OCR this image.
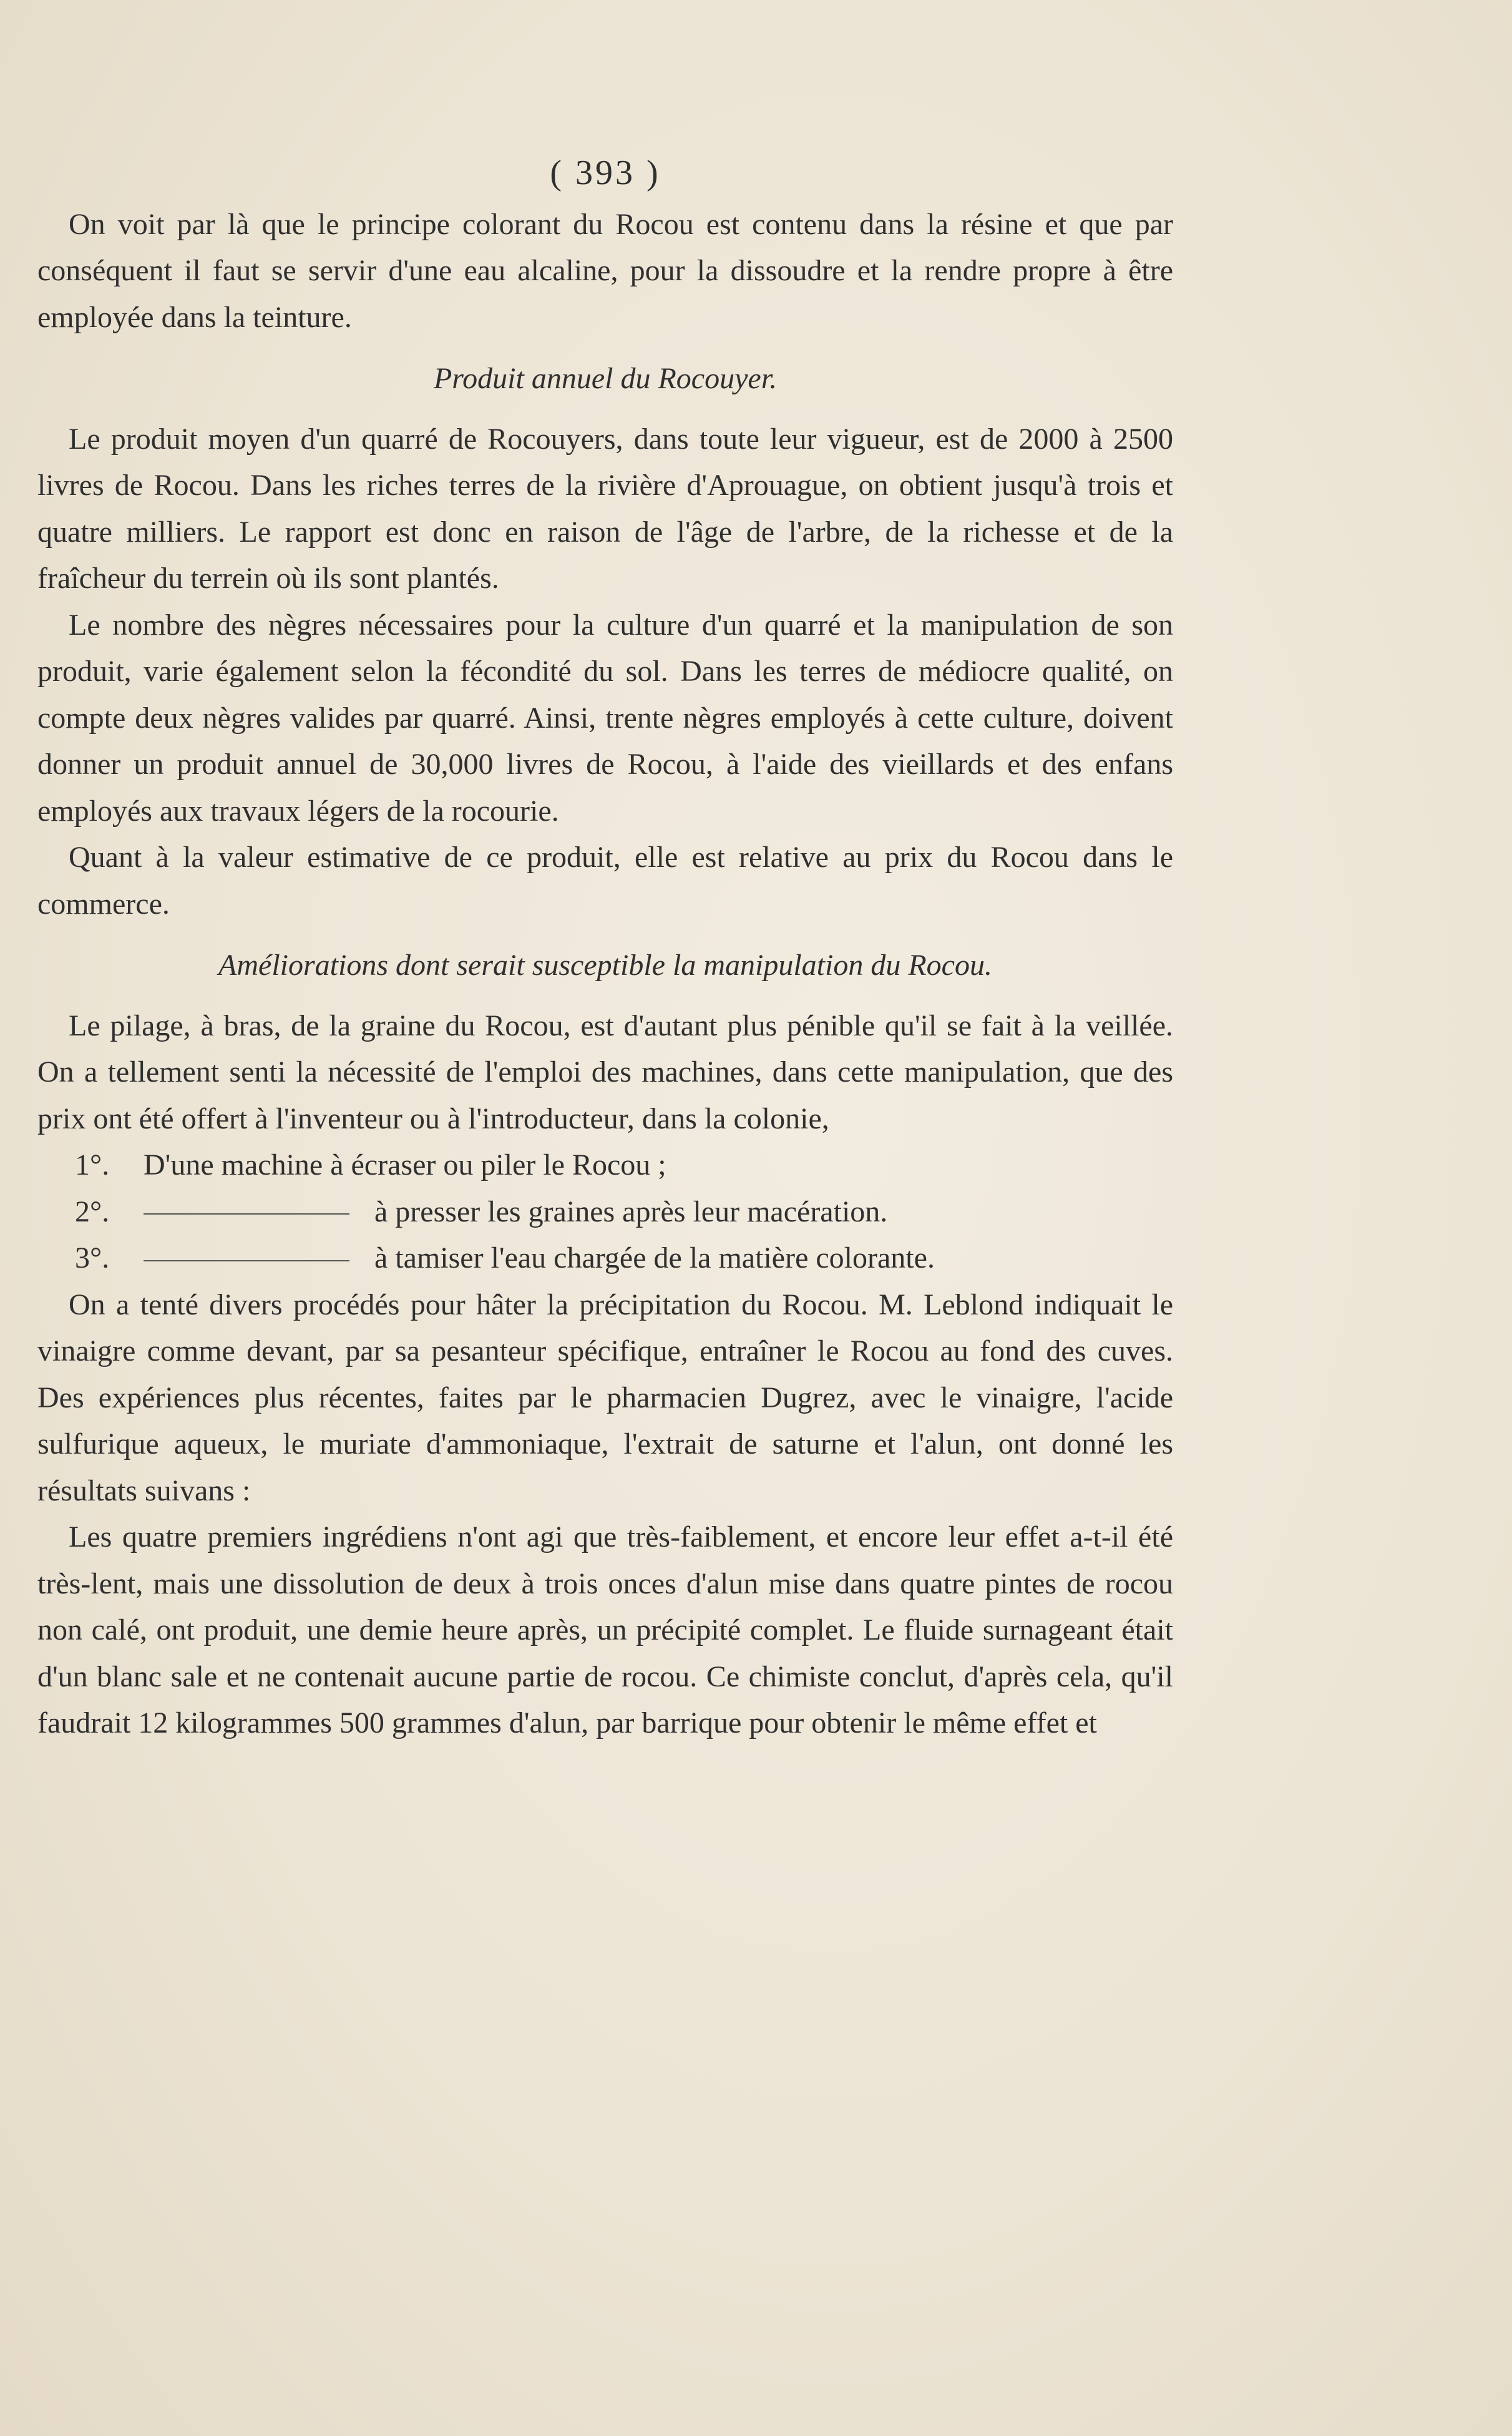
( 393 )

On voit par là que le principe colorant du Rocou est contenu dans la résine et que par conséquent il faut se servir d'une eau alcaline, pour la dissoudre et la rendre propre à être employée dans la teinture.

Produit annuel du Rocouyer.

Le produit moyen d'un quarré de Rocouyers, dans toute leur vigueur, est de 2000 à 2500 livres de Rocou. Dans les riches terres de la rivière d'Aprouague, on obtient jusqu'à trois et quatre milliers. Le rapport est donc en raison de l'âge de l'arbre, de la richesse et de la fraîcheur du terrein où ils sont plantés.

Le nombre des nègres nécessaires pour la culture d'un quarré et la manipulation de son produit, varie également selon la fécondité du sol. Dans les terres de médiocre qualité, on compte deux nègres valides par quarré. Ainsi, trente nègres employés à cette culture, doivent donner un produit annuel de 30,000 livres de Rocou, à l'aide des vieillards et des enfans employés aux travaux légers de la rocourie.

Quant à la valeur estimative de ce produit, elle est relative au prix du Rocou dans le commerce.

Améliorations dont serait susceptible la manipulation du Rocou.

Le pilage, à bras, de la graine du Rocou, est d'autant plus pénible qu'il se fait à la veillée. On a tellement senti la nécessité de l'emploi des machines, dans cette manipulation, que des prix ont été offert à l'inventeur ou à l'introducteur, dans la colonie,

1°. D'une machine à écraser ou piler le Rocou ;
2°.	à presser les graines après leur macération.
3°.	à tamiser l'eau chargée de la matière colorante.

On a tenté divers procédés pour hâter la précipitation du Rocou. M. Leblond indiquait le vinaigre comme devant, par sa pesanteur spécifique, entraîner le Rocou au fond des cuves. Des expériences plus récentes, faites par le pharmacien Dugrez, avec le vinaigre, l'acide sulfurique aqueux, le muriate d'ammoniaque, l'extrait de saturne et l'alun, ont donné les résultats suivans :

Les quatre premiers ingrédiens n'ont agi que très-faiblement, et encore leur effet a-t-il été très-lent, mais une dissolution de deux à trois onces d'alun mise dans quatre pintes de rocou non calé, ont produit, une demie heure après, un précipité complet. Le fluide surnageant était d'un blanc sale et ne contenait aucune partie de rocou. Ce chimiste conclut, d'après cela, qu'il faudrait 12 kilogrammes 500 grammes d'alun, par barrique pour obtenir le même effet et
